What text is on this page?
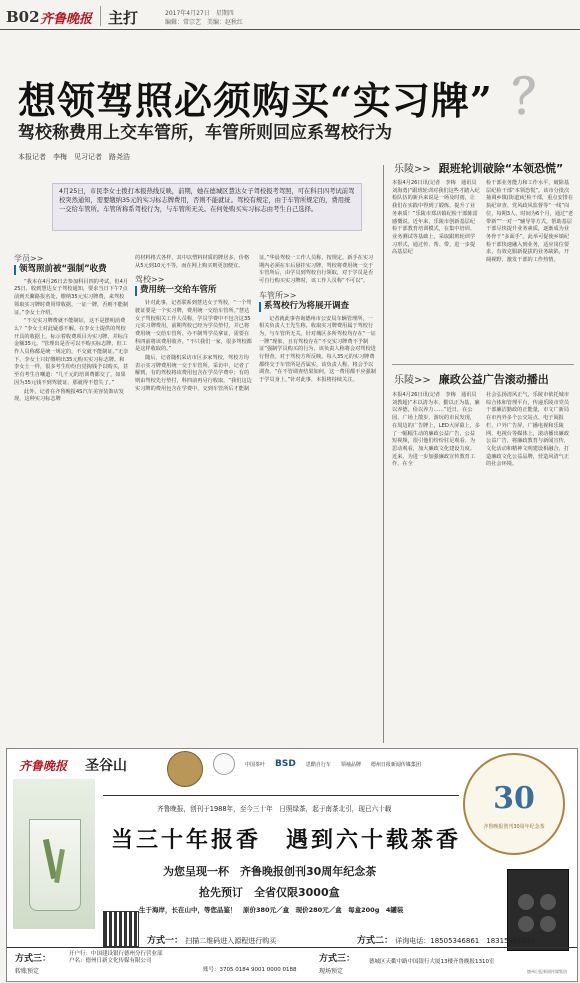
B02 齐鲁晚报 主打	2017年4月27日　星期四
编辑：常宗艺　美编：赵秋红
想领驾照必须购买“实习牌” ？
驾校称费用上交车管所，车管所则回应系驾校行为
本报记者　李梅　见习记者　路尧浩
4月25日，市民李女士拨打本报热线反映，前期，她在德城区慧达女子驾校报考驾照，可在科目四考试前驾校突然通知，需要缴纳35元的实习标志牌费用，否则不能就证。驾校有规定，由于车管所规定的，费用统一交给车管所。车管所称系驾校行为，与车管所无关。在何处购买实习标志由考生自己选择。
学员>>
领驾照前被“强制”收费

“我本在4月26日去参加科目四的考试，但4月25日，收到慧达女子驾校通知，要求当日下午7点前到天衢路报名处，缴纳35元实习牌费，来驾校领取实习牌时费用带收据，一证一牌，否则不能制证。”李女士介绍。

“不交实习牌费就不能制证，这不是摆明消费么？”李女士对此疑惑不解。在李女士提供的驾校开具的收据上，标示着收费项目为实习牌，并标注金额35元。“管理出是否可以不购买标志牌，但工作人员称都是统一规定的，不交就不能制证。”无奈下，李女士只好缴纳出35元购买实习标志牌。和李女士一样，很多考生纷纷自觉掏钱予以购买，甚至有考生自嘲道：“几千元的培训费都交了，如果因为35元钱不到驾驶证，那就得不偿失了。”

此外，记者在齐鲁晚报4S汽车美容装饰店发现，这种实习标志牌

的材料格式各样，其中以塑料材质的牌居多，价格从5元到10元不等，而在网上购买则更加便宜。

驾校>>
费用统一交给车管所

针对此事，记者联系到慧达女子驾校，“一个驾驶证要是一个实习牌，费用统一交给车管所。”慧达女子驾校相关工作人员称，学员学费中不包含这35元实习牌费用，前期驾校已经为学员垫付，并已将费用统一交给车管所。办不制驾学员拿证，需要在科四前将该费用收齐。“不只我们一家，很多驾校都是这样收取的。”

随后，记者随机采访市区多家驾校，驾校方均表示实习牌费用统一交于车管所。采访中，记者了解到，有的驾校将该费用包含在学员学费中；有的则由驾校先行垫付，科四前再另行收取。“我们这边实习牌的费用包含在学费中，交到车管所后才能制

证。”华晨驾校一工作人员称，按规定，新手在实习期内必须在车后悬挂实习牌，驾校将费用统一交于车管所后，由学员到驾校自行领取，对于学员是否可自行购买实习牌时，该工作人员称“不可以”。

车管所>>
系驾校行为将展开调查

记者就此事咨询德州市公安局车辆管理所，一相关负责人王先生称，收取实习牌费用属于驾校行为，与车管所无关。针对城区多所驾校均存在“一证一牌”现象，且有驾校存在“不交实习牌费不予制证”强制学员购买的行为，该负责人称将会对驾校进行督查。对于驾校方所反映，每人35元的实习牌费都终交于车管所是否属实，该负责人称，将会予以调查。“在不管调查结果如何，这一费用都不应强制于学员身上。”针对此事，本报将持续关注。

乐陵>> 跟班轮训破除“本领恐慌”
本报4月26日讯(记者　李梅　通讯员　刘海勇)“跟班轮训对我们这些才踏入纪检队伍的新兵来说是一场及时雨，让我们在实践中得到了锻炼，提升了业务素质！”乐陵市郑店镇纪检干部陈雷感慨说。近年来，乐陵市创新基层纪检干部教育培训模式，在集中培训、业务测试等基础上，采取跟班轮训学习形式，通过传、帮、带，进一步提高基层纪
检干部业务能力和工作水平，破除基层纪检干部“本领恐慌”。该市分批次抽调乡镇(街道)纪检干部，重点安排在执纪审查、党风政风监督等“一线”岗位，每期3人，时间为6个月，通过“老带新”“一对一”辅导等方式，帮助基层干部尽快提升业务素质，逐渐成为业务骨干“多面手”。此举可促使乡镇纪检干部快速融入到业务，适应岗位要求，有效克服新提拔的业务缺陷，开阔视野，激发干部的工作热情。
乐陵>> 廉政公益广告滚动播出
本报4月26日讯(记者　李梅　通讯员　刘教超)“本以清为本，勤以正为基，廉以养德，俭以养力……”近日，在公园、广场上散步、游玩的市民发现，在周边的广告牌上，LED大屏幕上，多了一幅幅生动的廉政公益广告，公益短视频，很引他们纷纷驻足观看、为思动观看，加大廉政文化建设力度。近来，为进一步加强廉政宣传教育工作，在全
社会弘扬清风正气，乐陵市依托城市综合体和管理平台，传递乐陵市党员干部廉洁勤政的正能量，市文广新局在市内外多个公交站点、电子阅报栏、户外广告屏、广播电视和乐陵网、电视台等媒体上，滚动播出廉政公益广告，将廉政教育与新闻宣传，文化活动和精神文明建设相融合，打造廉政文化公益品牌，营造风清气正的社会环境。
齐鲁晚报 圣谷山	中国茶叶 BSD 思酷自行车 领袖品牌 德州日报新闻传媒集团
30
齐鲁晚报创刊30周年纪念茶
齐鲁晚报，创刊于1988年，至今三十年　日照绿茶，起于南茶北引，现已六十载
当三十年报香　遇到六十载茶香
为您呈现一杯　齐鲁晚报创刊30周年纪念茶
抢先预订　全省仅限3000盒
生于海岸，长在山中，等您品鉴！　原价380元／盒　现价280元／盒　每盒200g　4罐装
方式一： 扫描二维码进入源程进行购买	方式二： 详询电话：18505346861　18315981039
方式三：
转账预定
开户行：中国建设银行德州分行营业部
户名：德州日新文化传媒有限公司
账号：3705 0184 9001 0000 0188
方式三：
现场预定
德城区天衢中路中国银行大厦13楼齐鲁晚报1310室
德州日报新闻传媒集团
